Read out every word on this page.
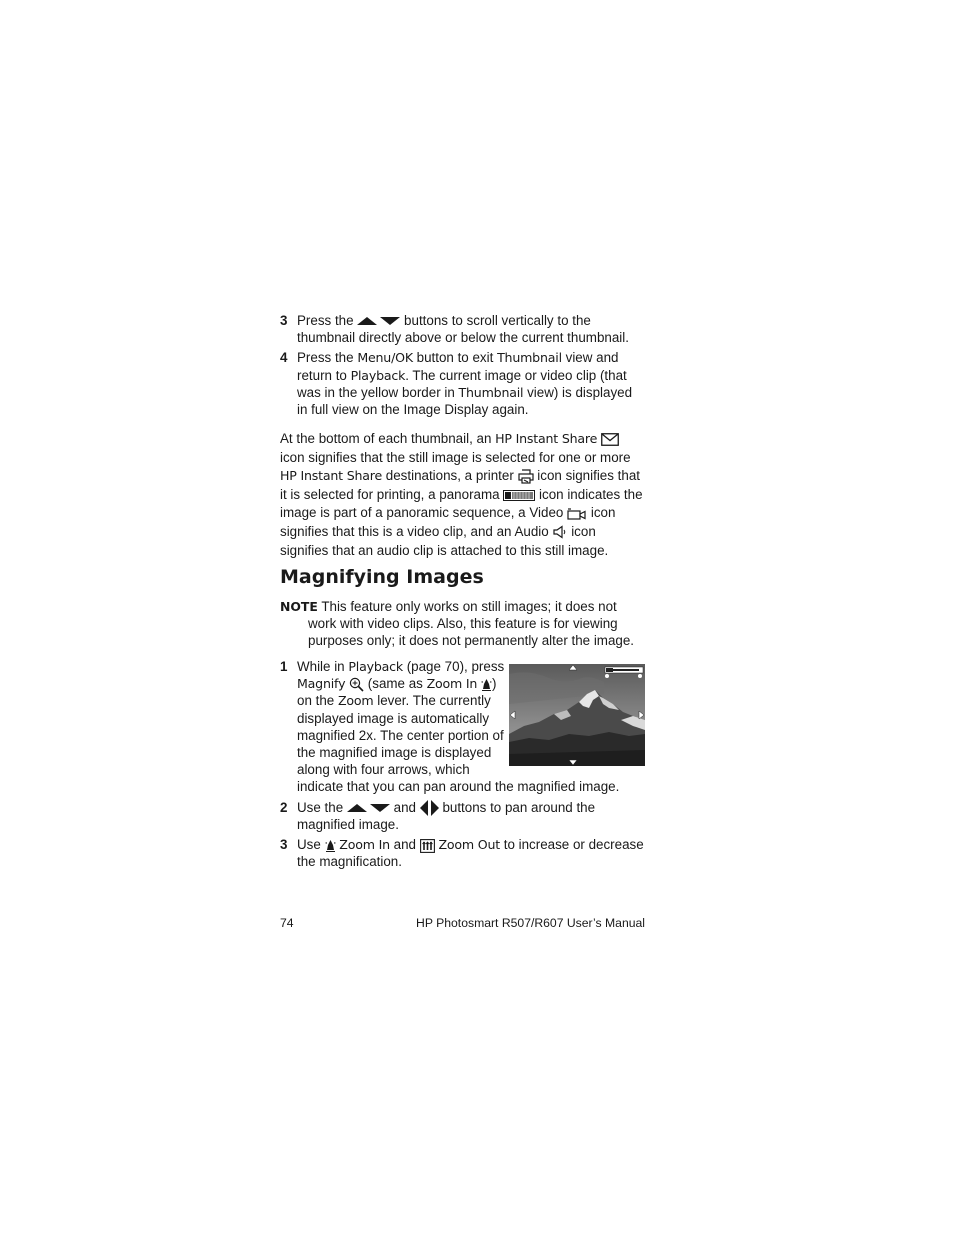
3 Press the	buttons to scroll vertically to the thumbnail directly above or below the current thumbnail.
4 Press the Menu/OK button to exit Thumbnail view and return to Playback. The current image or video clip (that was in the yellow border in Thumbnail view) is displayed in full view on the Image Display again.
At the bottom of each thumbnail, an HP Instant Share  icon signifies that the still image is selected for one or more HP Instant Share destinations, a printer icon signifies that it is selected for printing, a panorama	icon indicates the image is part of a panoramic sequence, a Video icon signifies that this is a video clip, and an Audio icon signifies that an audio clip is attached to this still image.
Magnifying Images
NOTE This feature only works on still images; it does not work with video clips. Also, this feature is for viewing purposes only; it does not permanently alter the image.
1 While in Playback (page 70), press Magnify (same as Zoom In ) on the Zoom lever. The currently displayed image is automatically magnified 2x. The center portion of the magnified image is displayed along with four arrows, which indicate that you can pan around the magnified image.
2 Use the	and buttons to pan around the magnified image.
3 Use Zoom In and Zoom Out to increase or decrease the magnification.
74	HP Photosmart R507/R607 User’s Manual
